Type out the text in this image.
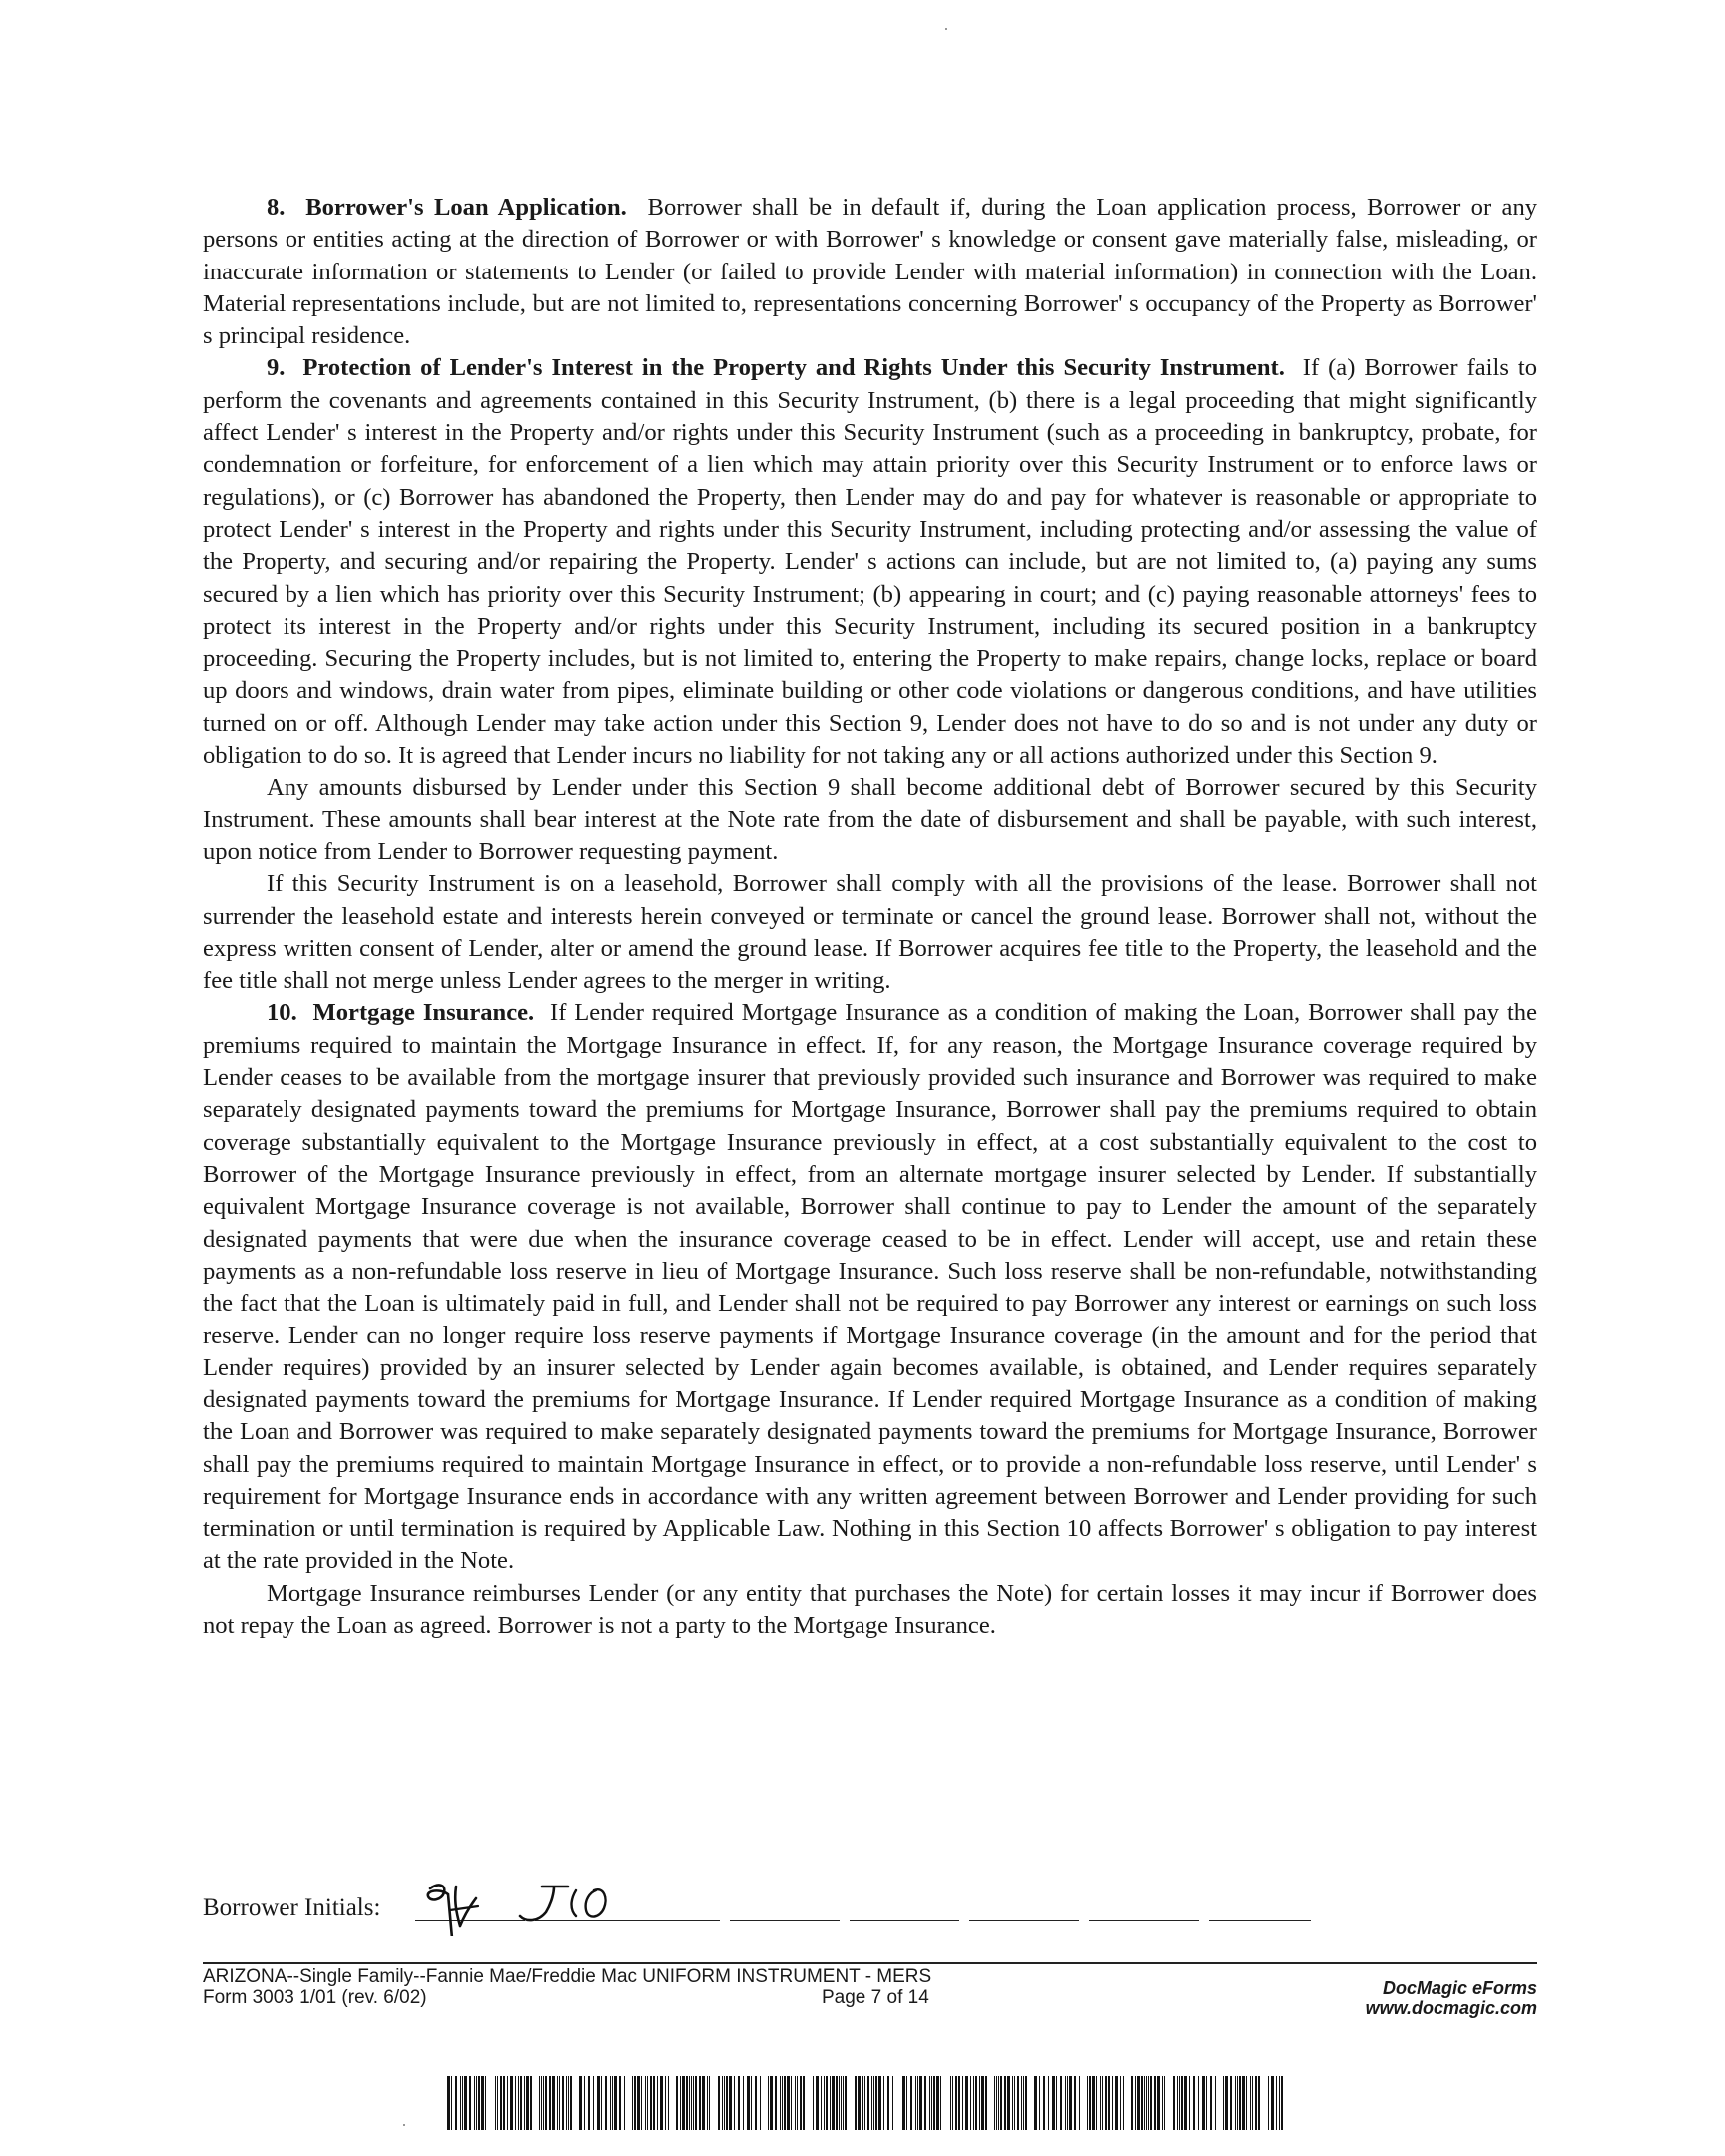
8. Borrower's Loan Application. Borrower shall be in default if, during the Loan application process, Borrower or any persons or entities acting at the direction of Borrower or with Borrower' s knowledge or consent gave materially false, misleading, or inaccurate information or statements to Lender (or failed to provide Lender with material information) in connection with the Loan. Material representations include, but are not limited to, representations concerning Borrower' s occupancy of the Property as Borrower' s principal residence.

9. Protection of Lender's Interest in the Property and Rights Under this Security Instrument. If (a) Borrower fails to perform the covenants and agreements contained in this Security Instrument, (b) there is a legal proceeding that might significantly affect Lender' s interest in the Property and/or rights under this Security Instrument (such as a proceeding in bankruptcy, probate, for condemnation or forfeiture, for enforcement of a lien which may attain priority over this Security Instrument or to enforce laws or regulations), or (c) Borrower has abandoned the Property, then Lender may do and pay for whatever is reasonable or appropriate to protect Lender' s interest in the Property and rights under this Security Instrument, including protecting and/or assessing the value of the Property, and securing and/or repairing the Property. Lender' s actions can include, but are not limited to, (a) paying any sums secured by a lien which has priority over this Security Instrument; (b) appearing in court; and (c) paying reasonable attorneys' fees to protect its interest in the Property and/or rights under this Security Instrument, including its secured position in a bankruptcy proceeding. Securing the Property includes, but is not limited to, entering the Property to make repairs, change locks, replace or board up doors and windows, drain water from pipes, eliminate building or other code violations or dangerous conditions, and have utilities turned on or off. Although Lender may take action under this Section 9, Lender does not have to do so and is not under any duty or obligation to do so. It is agreed that Lender incurs no liability for not taking any or all actions authorized under this Section 9.

Any amounts disbursed by Lender under this Section 9 shall become additional debt of Borrower secured by this Security Instrument. These amounts shall bear interest at the Note rate from the date of disbursement and shall be payable, with such interest, upon notice from Lender to Borrower requesting payment.

If this Security Instrument is on a leasehold, Borrower shall comply with all the provisions of the lease. Borrower shall not surrender the leasehold estate and interests herein conveyed or terminate or cancel the ground lease. Borrower shall not, without the express written consent of Lender, alter or amend the ground lease. If Borrower acquires fee title to the Property, the leasehold and the fee title shall not merge unless Lender agrees to the merger in writing.

10. Mortgage Insurance. If Lender required Mortgage Insurance as a condition of making the Loan, Borrower shall pay the premiums required to maintain the Mortgage Insurance in effect. If, for any reason, the Mortgage Insurance coverage required by Lender ceases to be available from the mortgage insurer that previously provided such insurance and Borrower was required to make separately designated payments toward the premiums for Mortgage Insurance, Borrower shall pay the premiums required to obtain coverage substantially equivalent to the Mortgage Insurance previously in effect, at a cost substantially equivalent to the cost to Borrower of the Mortgage Insurance previously in effect, from an alternate mortgage insurer selected by Lender. If substantially equivalent Mortgage Insurance coverage is not available, Borrower shall continue to pay to Lender the amount of the separately designated payments that were due when the insurance coverage ceased to be in effect. Lender will accept, use and retain these payments as a non-refundable loss reserve in lieu of Mortgage Insurance. Such loss reserve shall be non-refundable, notwithstanding the fact that the Loan is ultimately paid in full, and Lender shall not be required to pay Borrower any interest or earnings on such loss reserve. Lender can no longer require loss reserve payments if Mortgage Insurance coverage (in the amount and for the period that Lender requires) provided by an insurer selected by Lender again becomes available, is obtained, and Lender requires separately designated payments toward the premiums for Mortgage Insurance. If Lender required Mortgage Insurance as a condition of making the Loan and Borrower was required to make separately designated payments toward the premiums for Mortgage Insurance, Borrower shall pay the premiums required to maintain Mortgage Insurance in effect, or to provide a non-refundable loss reserve, until Lender' s requirement for Mortgage Insurance ends in accordance with any written agreement between Borrower and Lender providing for such termination or until termination is required by Applicable Law. Nothing in this Section 10 affects Borrower' s obligation to pay interest at the rate provided in the Note.

Mortgage Insurance reimburses Lender (or any entity that purchases the Note) for certain losses it may incur if Borrower does not repay the Loan as agreed. Borrower is not a party to the Mortgage Insurance.

Borrower Initials:
ARIZONA--Single Family--Fannie Mae/Freddie Mac UNIFORM INSTRUMENT - MERS
Form 3003 1/01 (rev. 6/02)	Page 7 of 14	DocMagic eForms
www.docmagic.com
